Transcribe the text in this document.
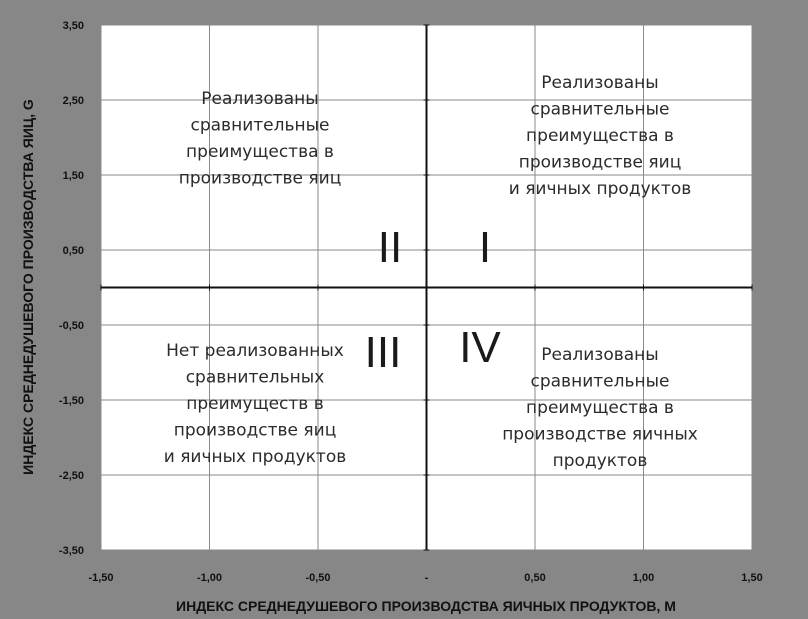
-1,50	-1,00	-0,50	-	0,50	1,00	1,50
3,50
2,50
1,50
0,50
-0,50
-1,50
-2,50
-3,50
I
Реализованы сравнительные преимущества в производстве яиц и яичных продуктов
II
Реализованы сравнительные преимущества в производстве яиц
III
Нет реализованных сравнительных преимуществ в производстве яиц и яичных продуктов
IV	Реализованы сравнительные преимущества в производстве яичных продуктов
ИНДЕКС СРЕДНЕДУШЕВОГО ПРОИЗВОДСТВА ЯИЧНЫХ ПРОДУКТОВ, М
ИНДЕКС СРЕДНЕДУШЕВОГО ПРОИЗВОДСТВА ЯИЦ, G
